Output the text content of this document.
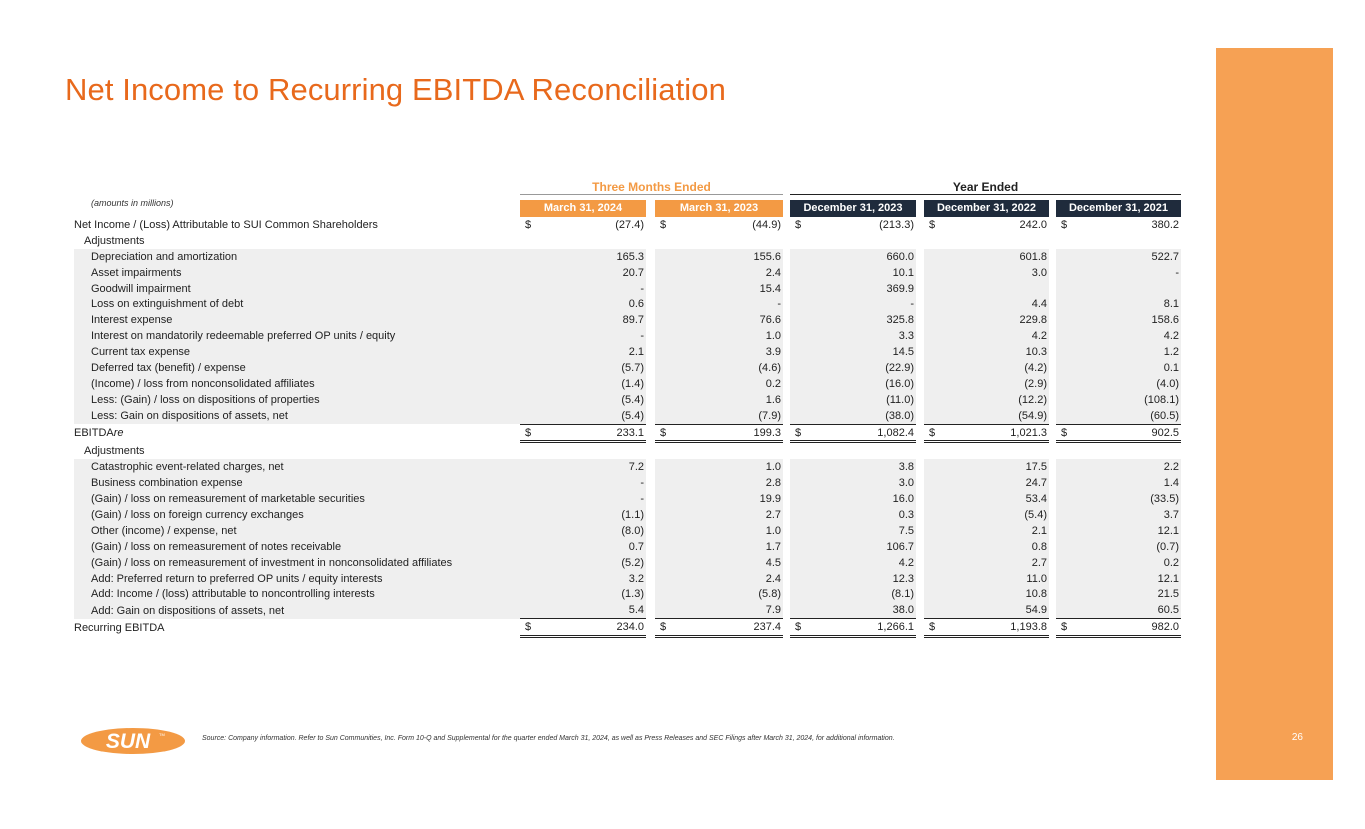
Net Income to Recurring EBITDA Reconciliation
26
Three Months Ended	Year Ended
(amounts in millions)	March 31, 2024	March 31, 2023	December 31, 2023	December 31, 2022	December 31, 2021
Net Income / (Loss) Attributable to SUI Common Shareholders	$	(27.4)		$	(44.9)		$	(213.3)		$	242.0		$	380.2
Adjustments														
Depreciation and amortization		165.3			155.6			660.0			601.8			522.7
Asset impairments		20.7			2.4			10.1			3.0			-
Goodwill impairment		-			15.4			369.9						
Loss on extinguishment of debt		0.6			-			-			4.4			8.1
Interest expense		89.7			76.6			325.8			229.8			158.6
Interest on mandatorily redeemable preferred OP units / equity		-			1.0			3.3			4.2			4.2
Current tax expense		2.1			3.9			14.5			10.3			1.2
Deferred tax (benefit) / expense		(5.7)			(4.6)			(22.9)			(4.2)			0.1
(Income) / loss from nonconsolidated affiliates		(1.4)			0.2			(16.0)			(2.9)			(4.0)
Less: (Gain) / loss on dispositions of properties		(5.4)			1.6			(11.0)			(12.2)			(108.1)
Less: Gain on dispositions of assets, net		(5.4)			(7.9)			(38.0)			(54.9)			(60.5)
EBITDAre	$	233.1		$	199.3		$	1,082.4		$	1,021.3		$	902.5
Adjustments														
Catastrophic event-related charges, net		7.2			1.0			3.8			17.5			2.2
Business combination expense		-			2.8			3.0			24.7			1.4
(Gain) / loss on remeasurement of marketable securities		-			19.9			16.0			53.4			(33.5)
(Gain) / loss on foreign currency exchanges		(1.1)			2.7			0.3			(5.4)			3.7
Other (income) / expense, net		(8.0)			1.0			7.5			2.1			12.1
(Gain) / loss on remeasurement of notes receivable		0.7			1.7			106.7			0.8			(0.7)
(Gain) / loss on remeasurement of investment in nonconsolidated affiliates		(5.2)			4.5			4.2			2.7			0.2
Add: Preferred return to preferred OP units / equity interests		3.2			2.4			12.3			11.0			12.1
Add: Income / (loss) attributable to noncontrolling interests		(1.3)			(5.8)			(8.1)			10.8			21.5
Add: Gain on dispositions of assets, net		5.4			7.9			38.0			54.9			60.5
Recurring EBITDA	$	234.0		$	237.4		$	1,266.1		$	1,193.8		$	982.0
SUN TM
Source: Company information. Refer to Sun Communities, Inc. Form 10-Q and Supplemental for the quarter ended March 31, 2024, as well as Press Releases and SEC Filings after March 31, 2024, for additional information.
